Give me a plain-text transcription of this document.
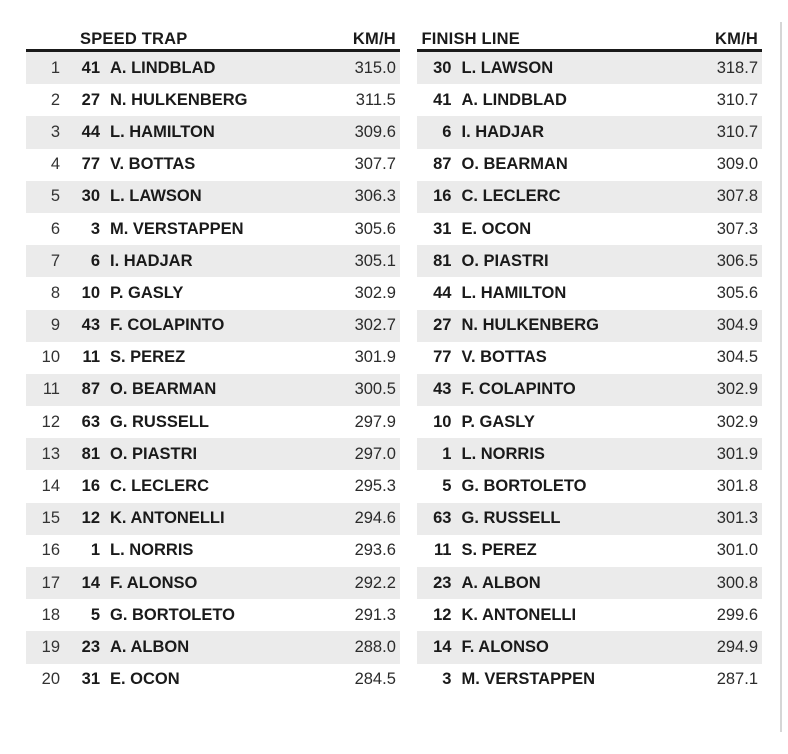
SPEED TRAP	KM/H
1	41 A. LINDBLAD	315.0
2	27 N. HULKENBERG	311.5
3	44 L. HAMILTON	309.6
4	77 V. BOTTAS	307.7
5	30 L. LAWSON	306.3
6	3 M. VERSTAPPEN	305.6
7	6 I. HADJAR	305.1
8	10 P. GASLY	302.9
9	43 F. COLAPINTO	302.7
10	11 S. PEREZ	301.9
11	87 O. BEARMAN	300.5
12	63 G. RUSSELL	297.9
13	81 O. PIASTRI	297.0
14	16 C. LECLERC	295.3
15	12 K. ANTONELLI	294.6
16	1 L. NORRIS	293.6
17	14 F. ALONSO	292.2
18	5 G. BORTOLETO	291.3
19	23 A. ALBON	288.0
20	31 E. OCON	284.5
FINISH LINE	KM/H
30 L. LAWSON	318.7
41 A. LINDBLAD	310.7
6 I. HADJAR	310.7
87 O. BEARMAN	309.0
16 C. LECLERC	307.8
31 E. OCON	307.3
81 O. PIASTRI	306.5
44 L. HAMILTON	305.6
27 N. HULKENBERG	304.9
77 V. BOTTAS	304.5
43 F. COLAPINTO	302.9
10 P. GASLY	302.9
1 L. NORRIS	301.9
5 G. BORTOLETO	301.8
63 G. RUSSELL	301.3
11 S. PEREZ	301.0
23 A. ALBON	300.8
12 K. ANTONELLI	299.6
14 F. ALONSO	294.9
3 M. VERSTAPPEN	287.1
